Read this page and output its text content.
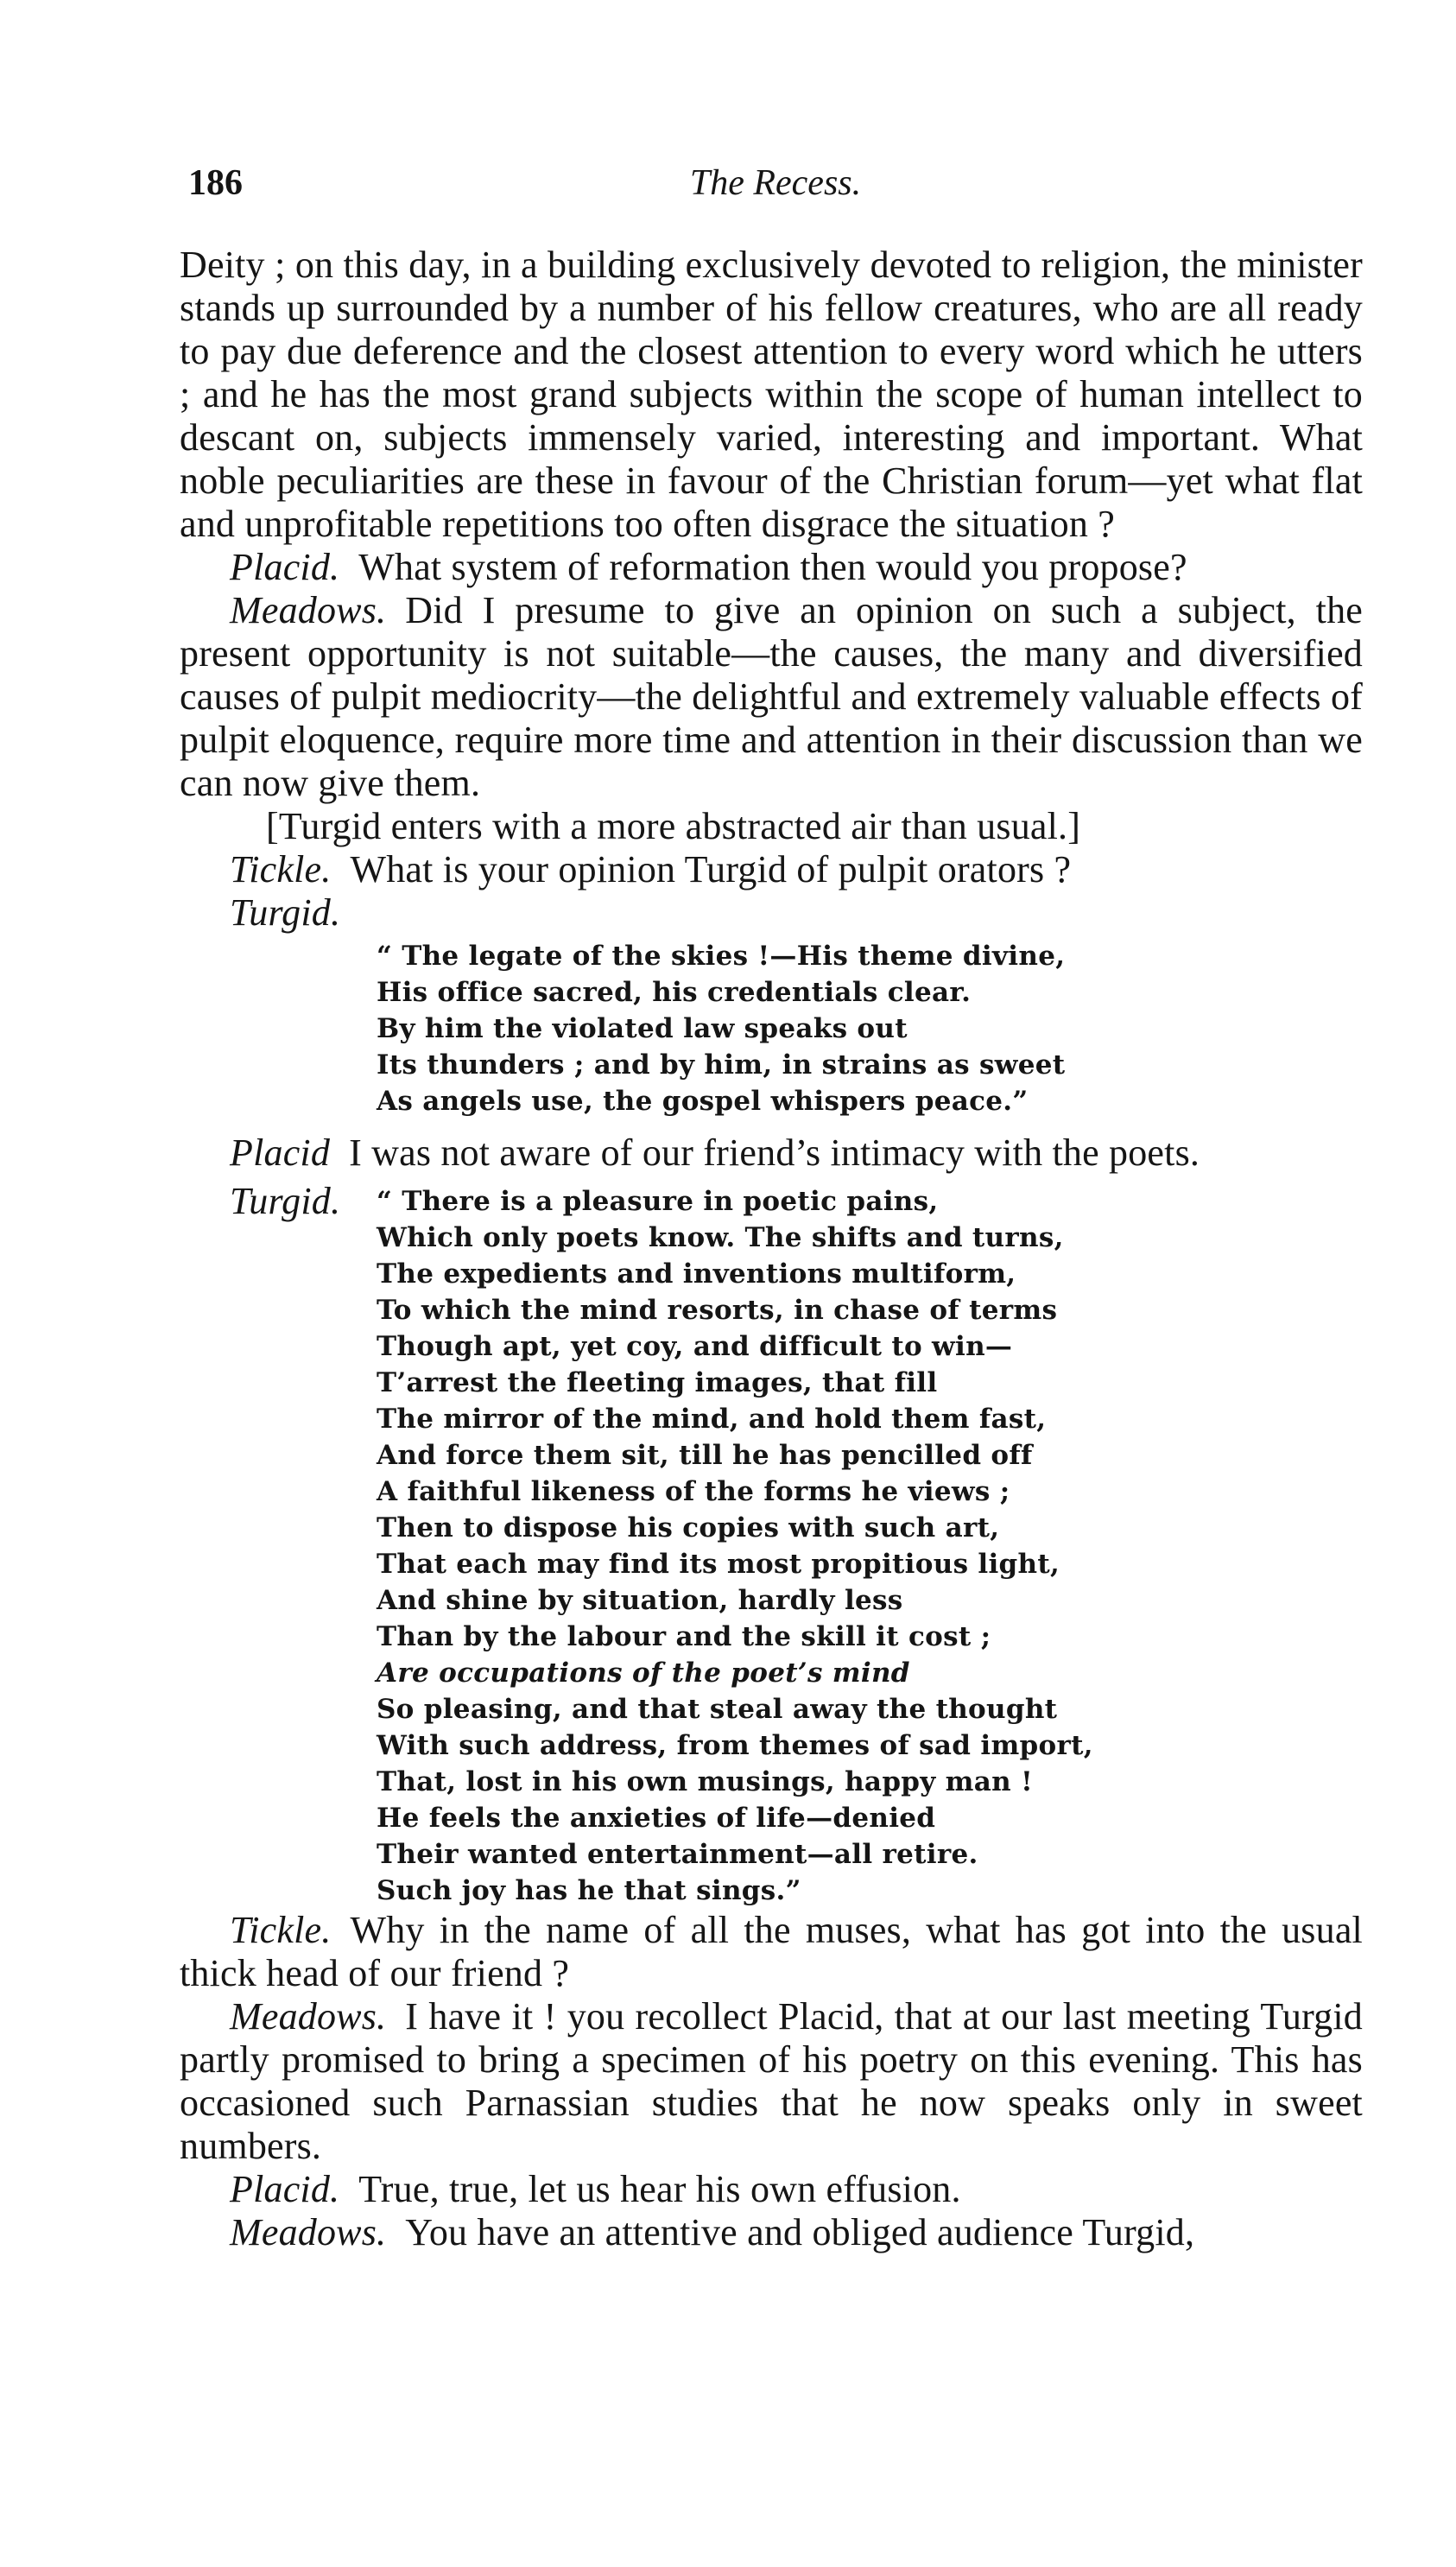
186	The Recess.

Deity ; on this day, in a building exclusively devoted to religion, the minister stands up surrounded by a number of his fellow creatures, who are all ready to pay due deference and the closest attention to every word which he utters ; and he has the most grand subjects within the scope of human intellect to descant on, subjects immensely varied, interesting and important. What noble peculiarities are these in favour of the Christian forum—yet what flat and unprofitable repetitions too often disgrace the situation ?

Placid. What system of reformation then would you propose?

Meadows. Did I presume to give an opinion on such a subject, the present opportunity is not suitable—the causes, the many and diversified causes of pulpit mediocrity—the delightful and extremely valuable effects of pulpit eloquence, require more time and attention in their discussion than we can now give them.

[Turgid enters with a more abstracted air than usual.]

Tickle. What is your opinion Turgid of pulpit orators ?

Turgid.

“ The legate of the skies !—His theme divine,
His office sacred, his credentials clear.
By him the violated law speaks out
Its thunders ; and by him, in strains as sweet
As angels use, the gospel whispers peace.”

Placid I was not aware of our friend’s intimacy with the poets.

Turgid.	“ There is a pleasure in poetic pains,
Which only poets know. The shifts and turns,
The expedients and inventions multiform,
To which the mind resorts, in chase of terms
Though apt, yet coy, and difficult to win—
T’arrest the fleeting images, that fill
The mirror of the mind, and hold them fast,
And force them sit, till he has pencilled off
A faithful likeness of the forms he views ;
Then to dispose his copies with such art,
That each may find its most propitious light,
And shine by situation, hardly less
Than by the labour and the skill it cost ;
Are occupations of the poet’s mind
So pleasing, and that steal away the thought
With such address, from themes of sad import,
That, lost in his own musings, happy man !
He feels the anxieties of life—denied
Their wanted entertainment—all retire.
Such joy has he that sings.”

Tickle. Why in the name of all the muses, what has got into the usual thick head of our friend ?

Meadows. I have it ! you recollect Placid, that at our last meeting Turgid partly promised to bring a specimen of his poetry on this evening. This has occasioned such Parnassian studies that he now speaks only in sweet numbers.

Placid. True, true, let us hear his own effusion.

Meadows. You have an attentive and obliged audience Turgid,
